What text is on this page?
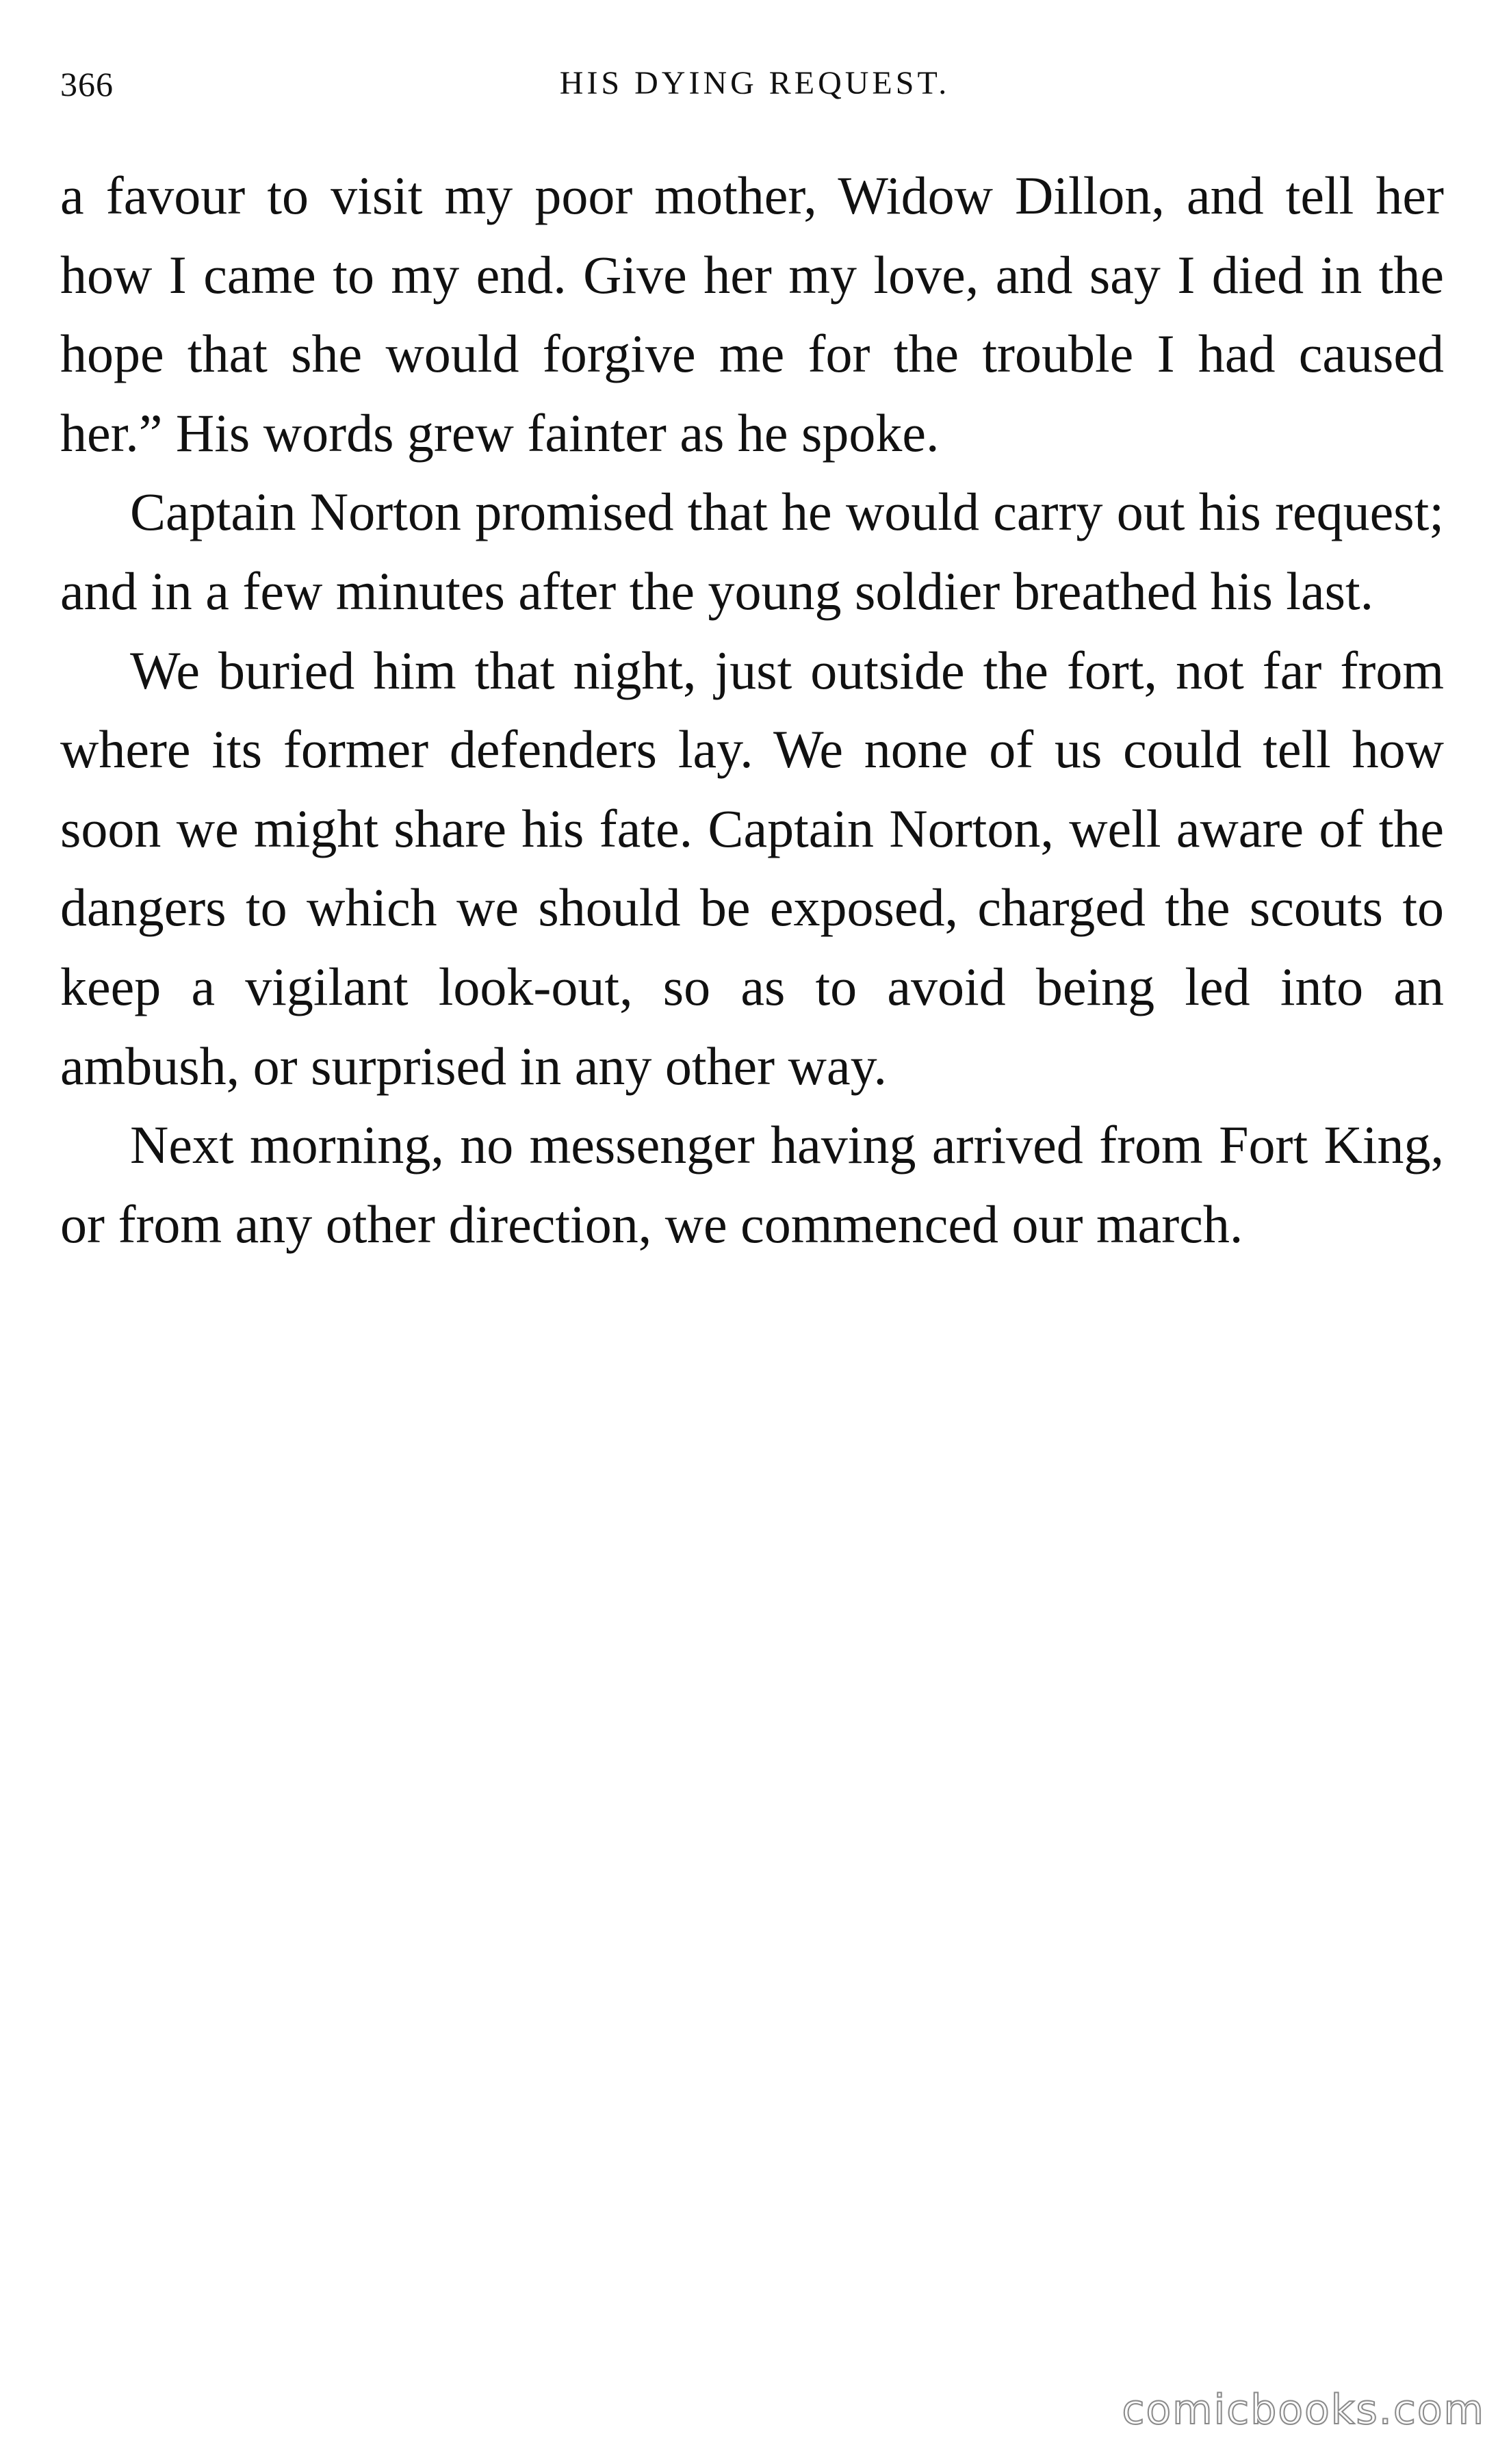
366	HIS DYING REQUEST.

a favour to visit my poor mother, Widow Dillon, and tell her how I came to my end. Give her my love, and say I died in the hope that she would forgive me for the trouble I had caused her.” His words grew fainter as he spoke.

Captain Norton promised that he would carry out his request; and in a few minutes after the young soldier breathed his last.

We buried him that night, just outside the fort, not far from where its former defenders lay. We none of us could tell how soon we might share his fate. Captain Norton, well aware of the dangers to which we should be exposed, charged the scouts to keep a vigilant look-out, so as to avoid being led into an ambush, or surprised in any other way.

Next morning, no messenger having arrived from Fort King, or from any other direction, we commenced our march.

comicbooks.com
